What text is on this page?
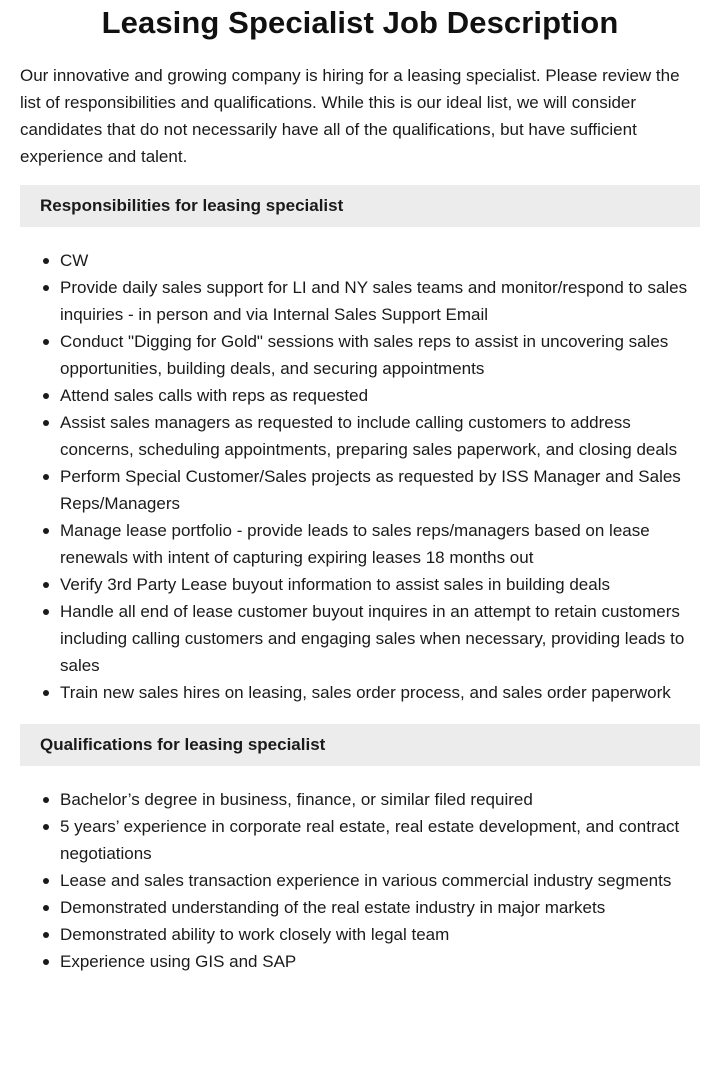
Leasing Specialist Job Description

Our innovative and growing company is hiring for a leasing specialist. Please review the list of responsibilities and qualifications. While this is our ideal list, we will consider candidates that do not necessarily have all of the qualifications, but have sufficient experience and talent.

Responsibilities for leasing specialist
CW
Provide daily sales support for LI and NY sales teams and monitor/respond to sales inquiries - in person and via Internal Sales Support Email
Conduct "Digging for Gold" sessions with sales reps to assist in uncovering sales opportunities, building deals, and securing appointments
Attend sales calls with reps as requested
Assist sales managers as requested to include calling customers to address concerns, scheduling appointments, preparing sales paperwork, and closing deals
Perform Special Customer/Sales projects as requested by ISS Manager and Sales Reps/Managers
Manage lease portfolio - provide leads to sales reps/managers based on lease renewals with intent of capturing expiring leases 18 months out
Verify 3rd Party Lease buyout information to assist sales in building deals
Handle all end of lease customer buyout inquires in an attempt to retain customers including calling customers and engaging sales when necessary, providing leads to sales
Train new sales hires on leasing, sales order process, and sales order paperwork
Qualifications for leasing specialist
Bachelor’s degree in business, finance, or similar filed required
5 years’ experience in corporate real estate, real estate development, and contract negotiations
Lease and sales transaction experience in various commercial industry segments
Demonstrated understanding of the real estate industry in major markets
Demonstrated ability to work closely with legal team
Experience using GIS and SAP
